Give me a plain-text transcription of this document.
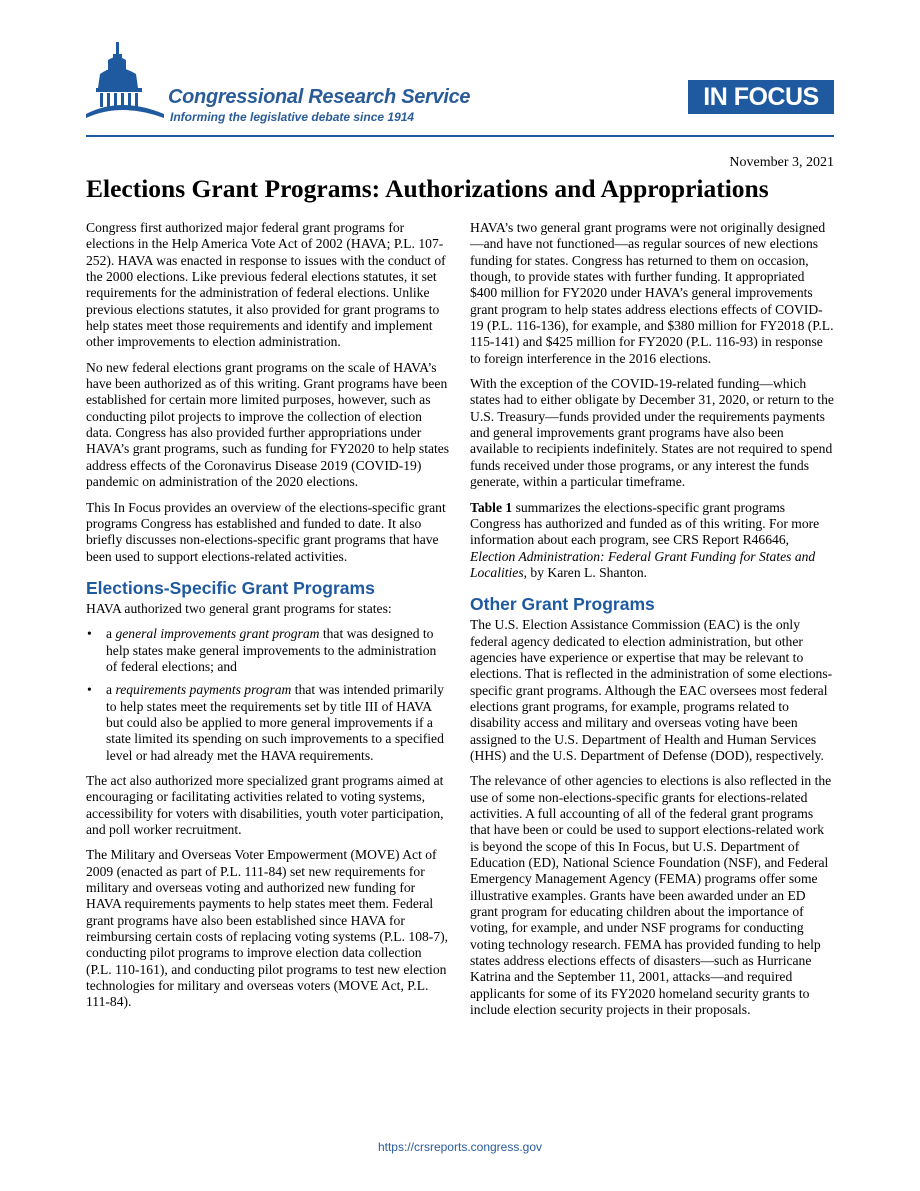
Congressional Research Service
Informing the legislative debate since 1914
IN FOCUS
November 3, 2021
Elections Grant Programs: Authorizations and Appropriations

Congress first authorized major federal grant programs for elections in the Help America Vote Act of 2002 (HAVA; P.L. 107-252). HAVA was enacted in response to issues with the conduct of the 2000 elections. Like previous federal elections statutes, it set requirements for the administration of federal elections. Unlike previous elections statutes, it also provided for grant programs to help states meet those requirements and identify and implement other improvements to election administration.

No new federal elections grant programs on the scale of HAVA’s have been authorized as of this writing. Grant programs have been established for certain more limited purposes, however, such as conducting pilot projects to improve the collection of election data. Congress has also provided further appropriations under HAVA’s grant programs, such as funding for FY2020 to help states address effects of the Coronavirus Disease 2019 (COVID-19) pandemic on administration of the 2020 elections.

This In Focus provides an overview of the elections-specific grant programs Congress has established and funded to date. It also briefly discusses non-elections-specific grant programs that have been used to support elections-related activities.

Elections-Specific Grant Programs

HAVA authorized two general grant programs for states:

• a general improvements grant program that was designed to help states make general improvements to the administration of federal elections; and
• a requirements payments program that was intended primarily to help states meet the requirements set by title III of HAVA but could also be applied to more general improvements if a state limited its spending on such improvements to a specified level or had already met the HAVA requirements.

The act also authorized more specialized grant programs aimed at encouraging or facilitating activities related to voting systems, accessibility for voters with disabilities, youth voter participation, and poll worker recruitment.

The Military and Overseas Voter Empowerment (MOVE) Act of 2009 (enacted as part of P.L. 111-84) set new requirements for military and overseas voting and authorized new funding for HAVA requirements payments to help states meet them. Federal grant programs have also been established since HAVA for reimbursing certain costs of replacing voting systems (P.L. 108-7), conducting pilot programs to improve election data collection (P.L. 110-161), and conducting pilot programs to test new election technologies for military and overseas voters (MOVE Act, P.L. 111-84).

HAVA’s two general grant programs were not originally designed—and have not functioned—as regular sources of new elections funding for states. Congress has returned to them on occasion, though, to provide states with further funding. It appropriated $400 million for FY2020 under HAVA’s general improvements grant program to help states address elections effects of COVID-19 (P.L. 116-136), for example, and $380 million for FY2018 (P.L. 115-141) and $425 million for FY2020 (P.L. 116-93) in response to foreign interference in the 2016 elections.

With the exception of the COVID-19-related funding—which states had to either obligate by December 31, 2020, or return to the U.S. Treasury—funds provided under the requirements payments and general improvements grant programs have also been available to recipients indefinitely. States are not required to spend funds received under those programs, or any interest the funds generate, within a particular timeframe.

Table 1 summarizes the elections-specific grant programs Congress has authorized and funded as of this writing. For more information about each program, see CRS Report R46646, Election Administration: Federal Grant Funding for States and Localities, by Karen L. Shanton.

Other Grant Programs

The U.S. Election Assistance Commission (EAC) is the only federal agency dedicated to election administration, but other agencies have experience or expertise that may be relevant to elections. That is reflected in the administration of some elections-specific grant programs. Although the EAC oversees most federal elections grant programs, for example, programs related to disability access and military and overseas voting have been assigned to the U.S. Department of Health and Human Services (HHS) and the U.S. Department of Defense (DOD), respectively.

The relevance of other agencies to elections is also reflected in the use of some non-elections-specific grants for elections-related activities. A full accounting of all of the federal grant programs that have been or could be used to support elections-related work is beyond the scope of this In Focus, but U.S. Department of Education (ED), National Science Foundation (NSF), and Federal Emergency Management Agency (FEMA) programs offer some illustrative examples. Grants have been awarded under an ED grant program for educating children about the importance of voting, for example, and under NSF programs for conducting voting technology research. FEMA has provided funding to help states address elections effects of disasters—such as Hurricane Katrina and the September 11, 2001, attacks—and required applicants for some of its FY2020 homeland security grants to include election security projects in their proposals.

https://crsreports.congress.gov
